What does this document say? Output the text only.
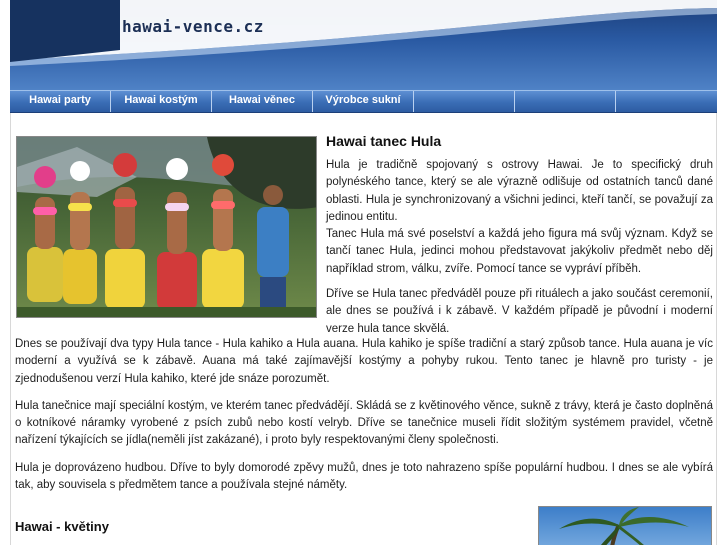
hawai-vence.cz
Hawai party	Hawai kostým	Hawai věnec	Výrobce sukní
Hawai tanec Hula

Hula je tradičně spojovaný s ostrovy Hawai. Je to specifický druh polynéského tance, který se ale výrazně odlišuje od ostatních tanců dané oblasti. Hula je synchronizovaný a všichni jedinci, kteří tančí, se považují za jedinou entitu.
Tanec Hula má své poselství a každá jeho figura má svůj význam. Když se tančí tanec Hula, jedinci mohou představovat jakýkoliv předmět nebo děj například strom, válku, zvíře. Pomocí tance se vypráví příběh.

Dříve se Hula tanec předváděl pouze při rituálech a jako součást ceremonií, ale dnes se používá i k zábavě. V každém případě je původní i moderní verze hula tance skvělá.

Dnes se používají dva typy Hula tance - Hula kahiko a Hula auana. Hula kahiko je spíše tradiční a starý způsob tance. Hula auana je víc moderní a využívá se k zábavě. Auana má také zajímavější kostýmy a pohyby rukou. Tento tanec je hlavně pro turisty - je zjednodušenou verzí Hula kahiko, které jde snáze porozumět.

Hula tanečnice mají speciální kostým, ve kterém tanec předvádějí. Skládá se z květinového věnce, sukně z trávy, která je často doplněná o kotníkové náramky vyrobené z psích zubů nebo kostí velryb. Dříve se tanečnice museli řídit složitým systémem pravidel, včetně nařízení týkajících se jídla(neměli jíst zakázané), i proto byly respektovanými členy společnosti.

Hula je doprovázeno hudbou. Dříve to byly domorodé zpěvy mužů, dnes je toto nahrazeno spíše populární hudbou. I dnes se ale vybírá tak, aby souvisela s předmětem tance a používala stejné náměty.

Hawai - květiny
